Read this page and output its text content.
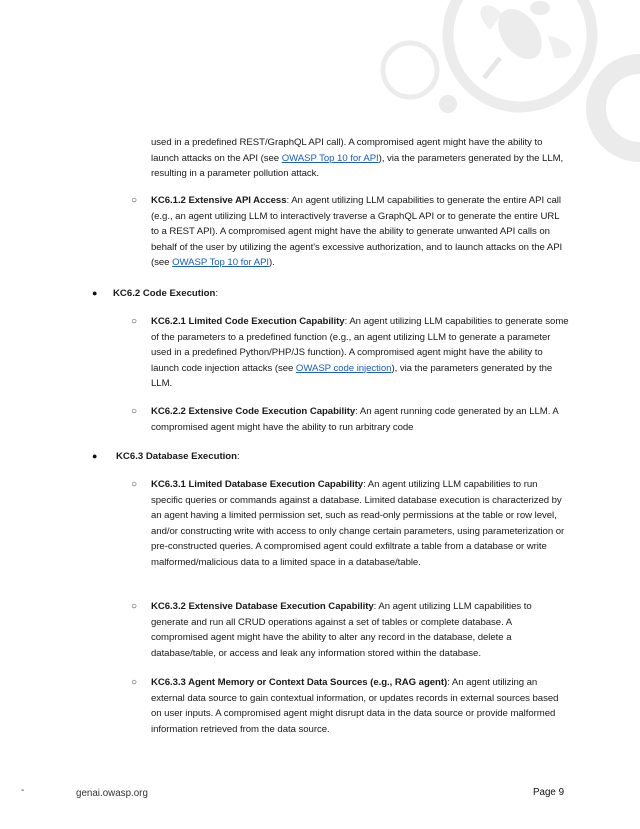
used in a predefined REST/GraphQL API call). A compromised agent might have the ability to launch attacks on the API (see OWASP Top 10 for API), via the parameters generated by the LLM, resulting in a parameter pollution attack.
○ KC6.1.2 Extensive API Access: An agent utilizing LLM capabilities to generate the entire API call (e.g., an agent utilizing LLM to interactively traverse a GraphQL API or to generate the entire URL to a REST API). A compromised agent might have the ability to generate unwanted API calls on behalf of the user by utilizing the agent's excessive authorization, and to launch attacks on the API (see OWASP Top 10 for API).
● KC6.2 Code Execution:
○ KC6.2.1 Limited Code Execution Capability: An agent utilizing LLM capabilities to generate some of the parameters to a predefined function (e.g., an agent utilizing LLM to generate a parameter used in a predefined Python/PHP/JS function). A compromised agent might have the ability to launch code injection attacks (see OWASP code injection), via the parameters generated by the LLM.
○ KC6.2.2 Extensive Code Execution Capability: An agent running code generated by an LLM. A compromised agent might have the ability to run arbitrary code
● KC6.3 Database Execution:
○ KC6.3.1 Limited Database Execution Capability: An agent utilizing LLM capabilities to run specific queries or commands against a database. Limited database execution is characterized by an agent having a limited permission set, such as read-only permissions at the table or row level, and/or constructing write with access to only change certain parameters, using parameterization or pre-constructed queries. A compromised agent could exfiltrate a table from a database or write malformed/malicious data to a limited space in a database/table.
○ KC6.3.2 Extensive Database Execution Capability: An agent utilizing LLM capabilities to generate and run all CRUD operations against a set of tables or complete database. A compromised agent might have the ability to alter any record in the database, delete a database/table, or access and leak any information stored within the database.
○ KC6.3.3 Agent Memory or Context Data Sources (e.g., RAG agent): An agent utilizing an external data source to gain contextual information, or updates records in external sources based on user inputs. A compromised agent might disrupt data in the data source or provide malformed information retrieved from the data source.
-	genai.owasp.org	Page 9
